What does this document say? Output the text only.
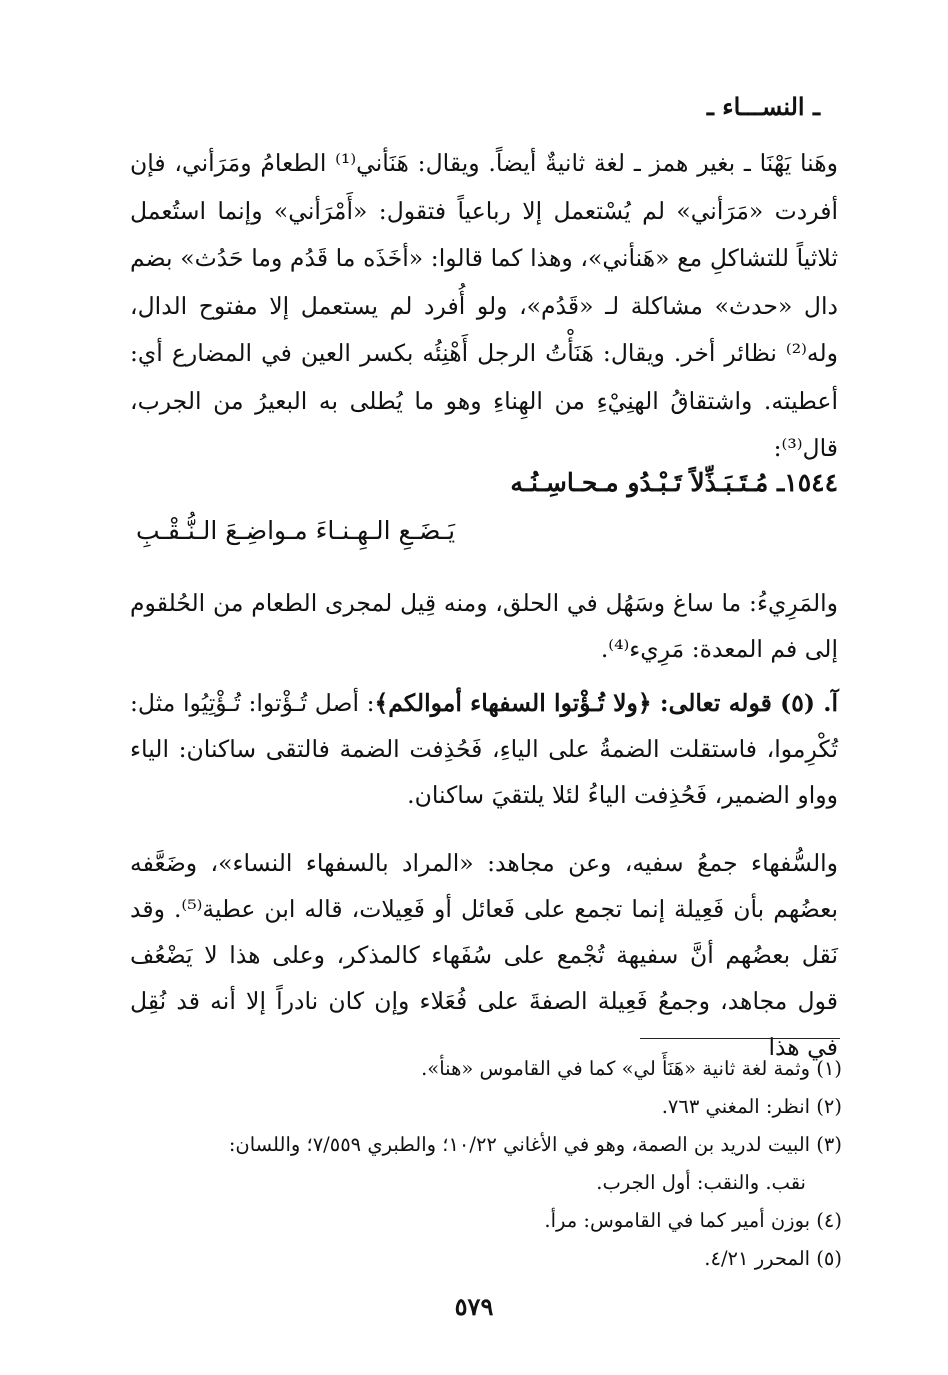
ـ النســـاء ـ
وهَنا يَهْنَا ـ بغير همز ـ لغة ثانيةٌ أيضاً. ويقال: هَنَأني⁽¹⁾ الطعامُ ومَرَأني، فإن أفردت «مَرَأني» لم يُسْتعمل إلا رباعياً فتقول: «أَمْرَأني» وإنما استُعمل ثلاثياً للتشاكلِ مع «هَنأني»، وهذا كما قالوا: «أخَذَه ما قَدُم وما حَدُث» بضم دال «حدث» مشاكلة لـ «قَدُم»، ولو أُفرد لم يستعمل إلا مفتوح الدال، وله⁽²⁾ نظائر أخر. ويقال: هَنَأْتُ الرجل أَهْنِئُه بكسر العين في المضارع أي: أعطيته. واشتقاقُ الهنِيْءِ من الهِناءِ وهو ما يُطلى به البعيرُ من الجرب، قال⁽³⁾:
١٥٤٤ـ مُـتَـبَـذِّلاً تَـبْـدُو مـحـاسِـنُـه
يَـضَـعِ الـهِـنـاءَ مـواضِـعَ الـنُّـقْـبِ
والمَرِيءُ: ما ساغ وسَهُل في الحلق، ومنه قِيل لمجرى الطعام من الحُلقوم إلى فم المعدة: مَرِيء⁽⁴⁾.
آ. (٥) قوله تعالى: ﴿ولا تُـؤْتوا السفهاء أموالكم﴾: أصل تُـؤْتوا: تُـؤْتِيُوا مثل: تُكْرِموا، فاستقلت الضمةُ على الياءِ، فَحُذِفت الضمة فالتقى ساكنان: الياء وواو الضمير، فَحُذِفت الياءُ لئلا يلتقيَ ساكنان.
والسُّفهاء جمعُ سفيه، وعن مجاهد: «المراد بالسفهاء النساء»، وضَعَّفه بعضُهم بأن فَعِيلة إنما تجمع على فَعائل أو فَعِيلات، قاله ابن عطية⁽⁵⁾. وقد نَقل بعضُهم أنَّ سفيهة تُجْمع على سُفَهاء كالمذكر، وعلى هذا لا يَضْعُف قول مجاهد، وجمعُ فَعِيلة الصفةَ على فُعَلاء وإن كان نادراً إلا أنه قد نُقِل في هذا

(١) وثمة لغة ثانية «هَنَأَ لي» كما في القاموس «هنأ».

(٢) انظر: المغني ٧٦٣.

(٣) البيت لدريد بن الصمة، وهو في الأغاني ١٠/٢٢؛ والطبري ٧/٥٥٩؛ واللسان:

نقب. والنقب: أول الجرب.

(٤) بوزن أمير كما في القاموس: مرأ.

(٥) المحرر ٤/٢١.

٥٧٩
